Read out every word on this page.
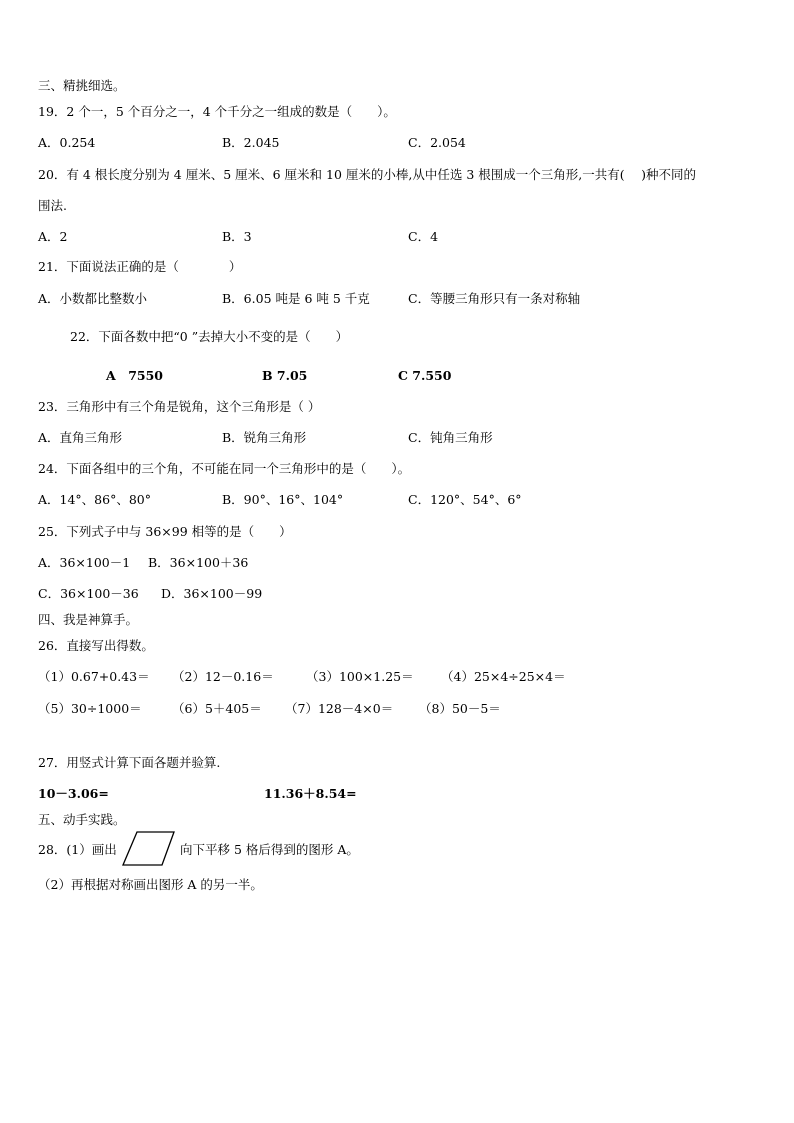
三、精挑细选。
19．2 个一，5 个百分之一，4 个千分之一组成的数是（　　）。
A．0.254	B．2.045	C．2.054
20．有 4 根长度分别为 4 厘米、5 厘米、6 厘米和 10 厘米的小棒,从中任选 3 根围成一个三角形,一共有(　 )种不同的
围法.
A．2	B．3	C．4
21．下面说法正确的是（　　　　）
A．小数都比整数小	B．6.05 吨是 6 吨 5 千克	C．等腰三角形只有一条对称轴
22．下面各数中把“0 ”去掉大小不变的是（　　）
A　7550	B 7.05	C 7.550
23．三角形中有三个角是锐角，这个三角形是（ ）
A．直角三角形	B．锐角三角形	C．钝角三角形
24．下面各组中的三个角，不可能在同一个三角形中的是（　　）。
A．14°、86°、80°	B．90°、16°、104°	C．120°、54°、6°
25．下列式子中与 36×99 相等的是（　　）
A．36×100－1 B．36×100＋36
C．36×100－36 D．36×100－99
四、我是神算手。
26．直接写出得数。
（1）0.67+0.43＝ （2）12－0.16＝	（3）100×1.25＝ （4）25×4÷25×4＝
（5）30÷1000＝ （6）5＋405＝ （7）128－4×0＝ （8）50－5＝
27．用竖式计算下面各题并验算.
10－3.06=	11.36＋8.54=
五、动手实践。
28．(1）画出	向下平移 5 格后得到的图形 A。
（2）再根据对称画出图形 A 的另一半。
